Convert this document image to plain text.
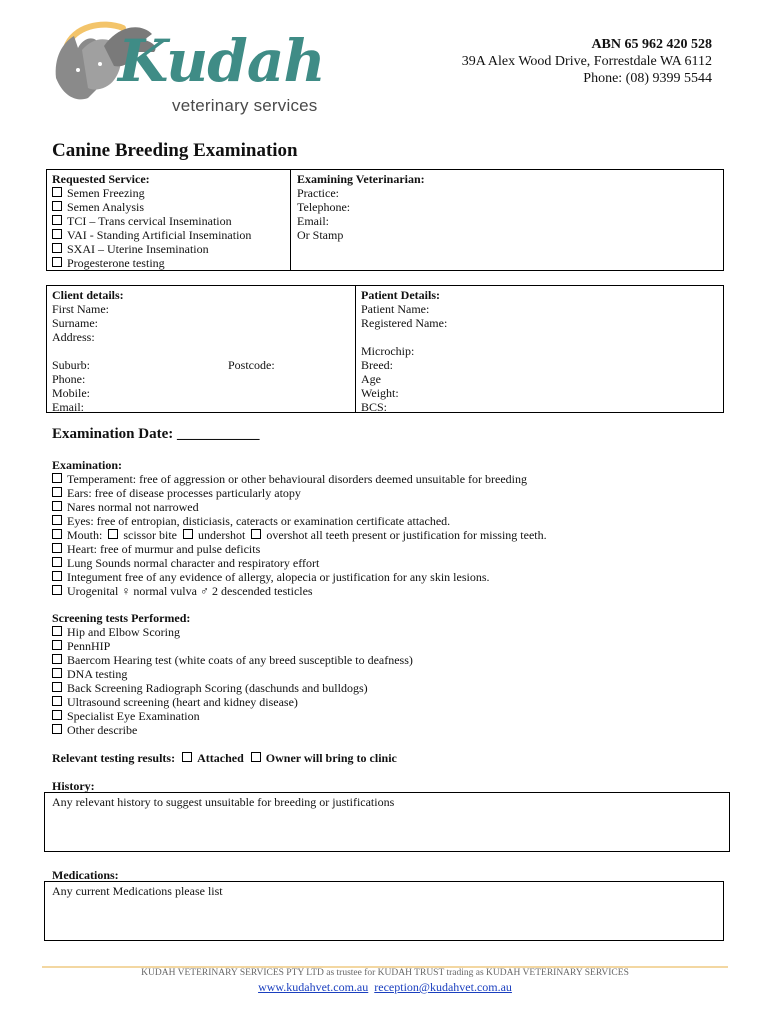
Kudah
veterinary services
ABN 65 962 420 528
39A Alex Wood Drive, Forrestdale WA 6112
Phone: (08) 9399 5544
Canine Breeding Examination
Requested Service:
Semen Freezing
Semen Analysis
TCI – Trans cervical Insemination
VAI - Standing Artificial Insemination
SXAI – Uterine Insemination
Progesterone testing
Examining Veterinarian:
Practice:
Telephone:
Email:
Or Stamp
Client details:
First Name:
Surname:
Address:
Suburb:	Postcode:
Phone:
Mobile:
Email:
Patient Details:
Patient Name:
Registered Name:
Microchip:
Breed:
Age
Weight:
BCS:
Examination Date: ___________
Examination:
Temperament: free of aggression or other behavioural disorders deemed unsuitable for breeding
Ears: free of disease processes particularly atopy
Nares normal not narrowed
Eyes: free of entropian, disticiasis, cateracts or examination certificate attached.
Mouth: scissor bite undershot overshot all teeth present or justification for missing teeth.
Heart: free of murmur and pulse deficits
Lung Sounds normal character and respiratory effort
Integument free of any evidence of allergy, alopecia or justification for any skin lesions.
Urogenital ♀ normal vulva ♂ 2 descended testicles
Screening tests Performed:
Hip and Elbow Scoring
PennHIP
Baercom Hearing test (white coats of any breed susceptible to deafness)
DNA testing
Back Screening Radiograph Scoring (daschunds and bulldogs)
Ultrasound screening (heart and kidney disease)
Specialist Eye Examination
Other describe
Relevant testing results: Attached Owner will bring to clinic
History:
Any relevant history to suggest unsuitable for breeding or justifications
Medications:
Any current Medications please list
KUDAH VETERINARY SERVICES PTY LTD as trustee for KUDAH TRUST trading as KUDAH VETERINARY SERVICES
www.kudahvet.com.au reception@kudahvet.com.au
